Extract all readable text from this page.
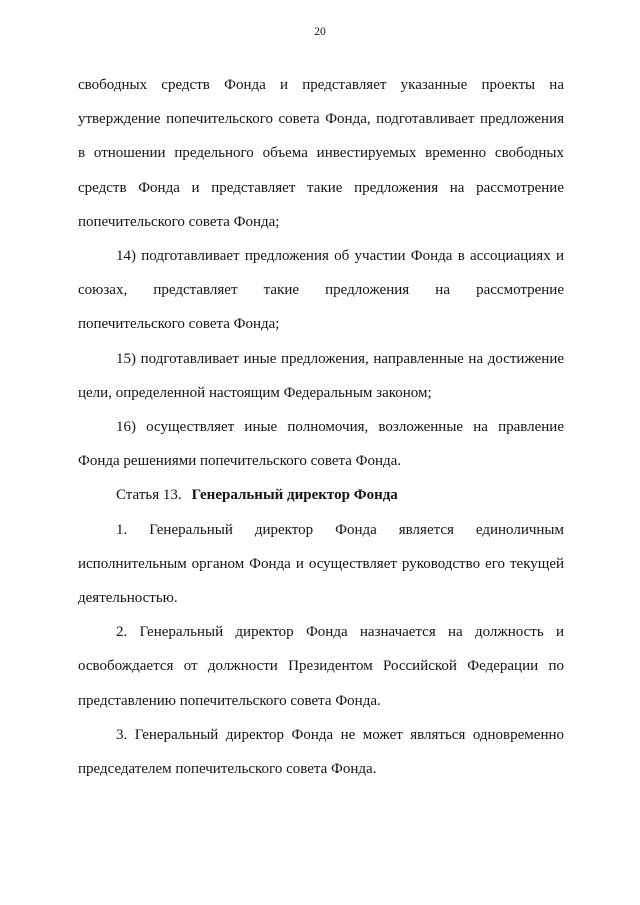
20

свободных средств Фонда и представляет указанные проекты на
утверждение попечительского совета Фонда, подготавливает предложения
в отношении предельного объема инвестируемых временно свободных
средств Фонда и представляет такие предложения на рассмотрение
попечительского совета Фонда;

14) подготавливает предложения об участии Фонда в ассоциациях и
союзах, представляет такие предложения на рассмотрение
попечительского совета Фонда;

15) подготавливает иные предложения, направленные на достижение
цели, определенной настоящим Федеральным законом;

16) осуществляет иные полномочия, возложенные на правление
Фонда решениями попечительского совета Фонда.

Статья 13. Генеральный директор Фонда

1. Генеральный директор Фонда является единоличным
исполнительным органом Фонда и осуществляет руководство его текущей
деятельностью.

2. Генеральный директор Фонда назначается на должность и
освобождается от должности Президентом Российской Федерации по
представлению попечительского совета Фонда.

3. Генеральный директор Фонда не может являться одновременно
председателем попечительского совета Фонда.
